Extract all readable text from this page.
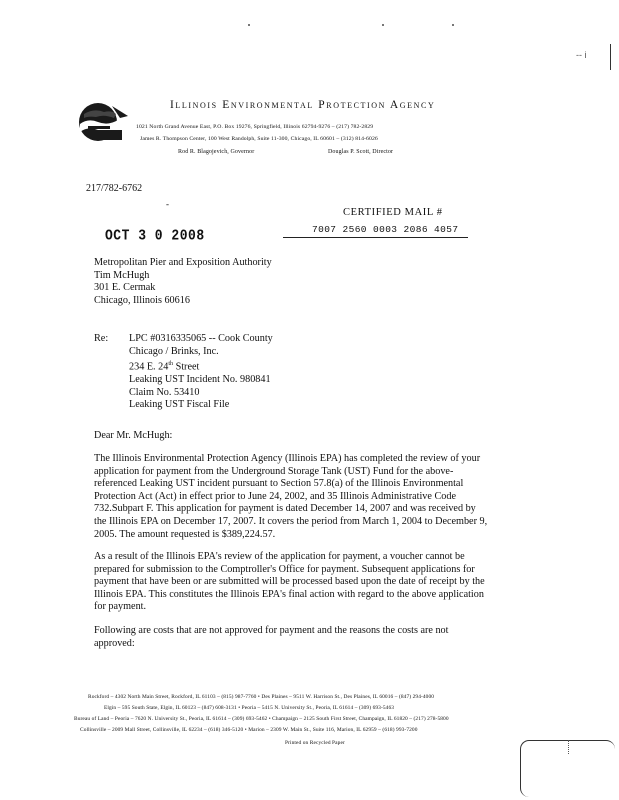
-- i
Illinois Environmental Protection Agency
1021 North Grand Avenue East, P.O. Box 19276, Springfield, Illinois 62794-9276 – (217) 782-2829
James R. Thompson Center, 100 West Randolph, Suite 11-300, Chicago, IL 60601 – (312) 814-6026
Rod R. Blagojevich, Governor	Douglas P. Scott, Director
217/782-6762
-
OCT 3 0 2008
CERTIFIED MAIL #
7007 2560 0003 2086 4057
Metropolitan Pier and Exposition Authority
Tim McHugh
301 E. Cermak
Chicago, Illinois 60616
Re: LPC #0316335065 -- Cook County
Chicago / Brinks, Inc.
234 E. 24th Street
Leaking UST Incident No. 980841
Claim No. 53410
Leaking UST Fiscal File
Dear Mr. McHugh:
The Illinois Environmental Protection Agency (Illinois EPA) has completed the review of your
application for payment from the Underground Storage Tank (UST) Fund for the above-
referenced Leaking UST incident pursuant to Section 57.8(a) of the Illinois Environmental
Protection Act (Act) in effect prior to June 24, 2002, and 35 Illinois Administrative Code
732.Subpart F. This application for payment is dated December 14, 2007 and was received by
the Illinois EPA on December 17, 2007. It covers the period from March 1, 2004 to December 9,
2005. The amount requested is $389,224.57.
As a result of the Illinois EPA's review of the application for payment, a voucher cannot be
prepared for submission to the Comptroller's Office for payment. Subsequent applications for
payment that have been or are submitted will be processed based upon the date of receipt by the
Illinois EPA. This constitutes the Illinois EPA's final action with regard to the above application
for payment.
Following are costs that are not approved for payment and the reasons the costs are not
approved:
Rockford – 4302 North Main Street, Rockford, IL 61103 – (815) 987-7760 • Des Plaines – 9511 W. Harrison St., Des Plaines, IL 60016 – (847) 294-4000
Elgin – 595 South State, Elgin, IL 60123 – (847) 608-3131 • Peoria – 5415 N. University St., Peoria, IL 61614 – (309) 693-5463
Bureau of Land – Peoria – 7620 N. University St., Peoria, IL 61614 – (309) 693-5462 • Champaign – 2125 South First Street, Champaign, IL 61820 – (217) 278-5800
Collinsville – 2009 Mall Street, Collinsville, IL 62234 – (618) 346-5120 • Marion – 2309 W. Main St., Suite 116, Marion, IL 62959 – (618) 993-7200
Printed on Recycled Paper
